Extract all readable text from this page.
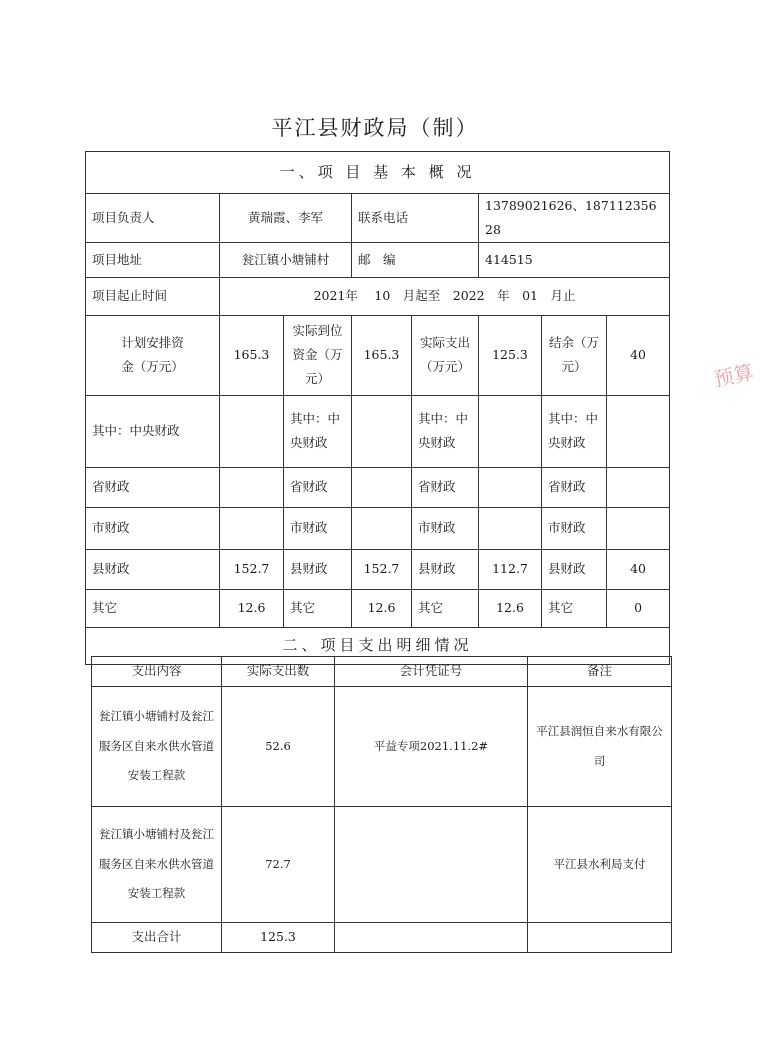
平江县财政局（制）
预算
一、项 目 基 本 概 况							
项目负责人	黄瑞霞、李军		联系电话		13789021626、18711235628		
项目地址	瓮江镇小塘铺村		邮　编		414515		
项目起止时间	2021年　 10　月起至　2022　年　01　月止						
计划安排资金（万元）	165.3	实际到位资金（万元）	165.3	实际支出（万元）	125.3	结余（万元）	40
其中：中央财政		其中：中央财政		其中：中央财政		其中：中央财政	
省财政		省财政		省财政		省财政	
市财政		市财政		市财政		市财政	
县财政	152.7	县财政	152.7	县财政	112.7	县财政	40
其它	12.6	其它	12.6	其它	12.6	其它	0
二、项目支出明细情况							
支出内容	实际支出数	会计凭证号	备注
瓮江镇小塘铺村及瓮江服务区自来水供水管道安装工程款	52.6	平益专项2021.11.2#	平江县润恒自来水有限公司
瓮江镇小塘铺村及瓮江服务区自来水供水管道安装工程款	72.7		平江县水利局支付
支出合计	125.3		
